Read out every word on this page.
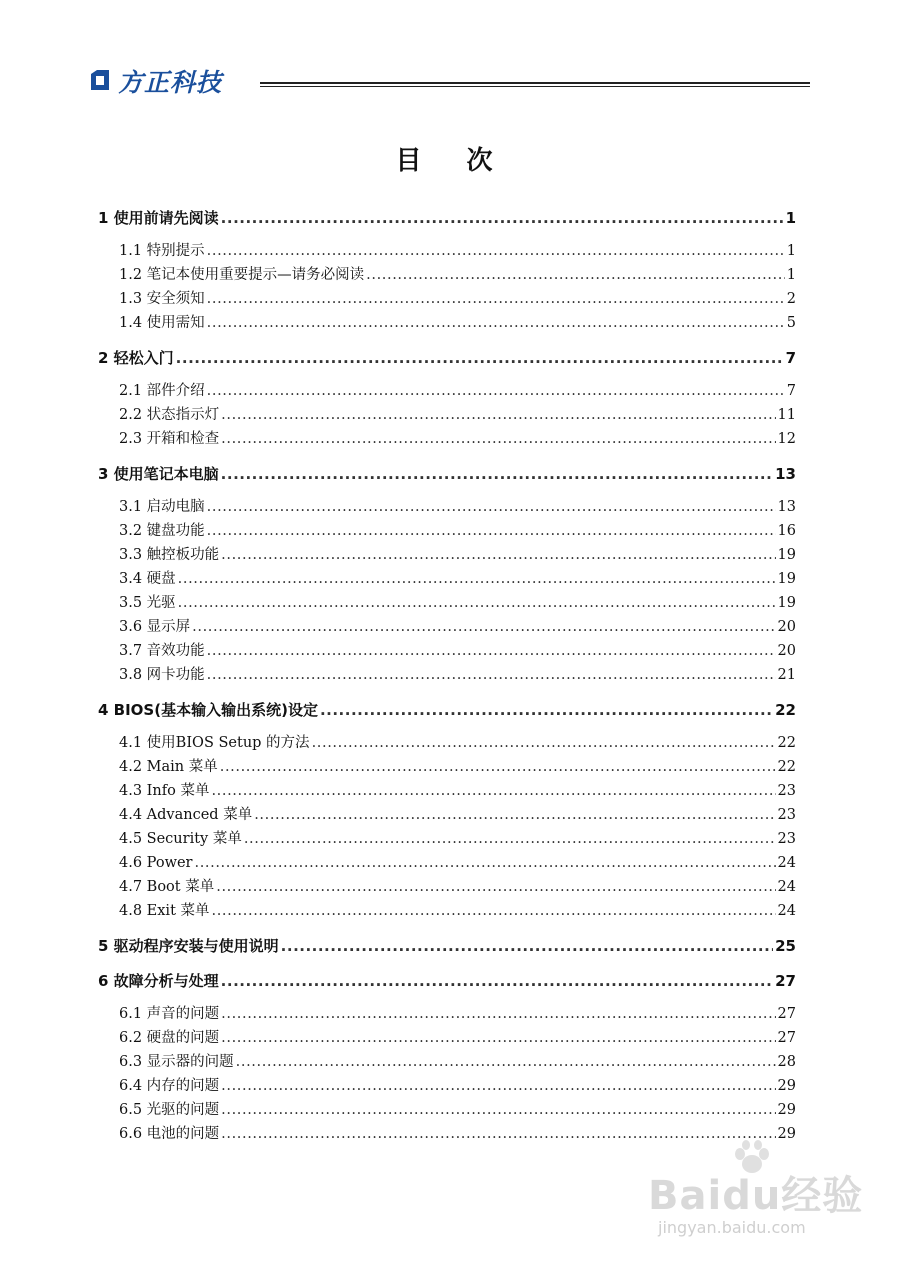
方正科技
目 次
1 使用前请先阅读 .....	1
1.1 特别提示 .....	1
1.2 笔记本使用重要提示—请务必阅读 .....	1
1.3 安全须知 .....	2
1.4 使用需知 .....	5
2 轻松入门 .....	7
2.1 部件介绍 .....	7
2.2 状态指示灯 .....	11
2.3 开箱和检查 .....	12
3 使用笔记本电脑 .....	13
3.1 启动电脑 .....	13
3.2 键盘功能 .....	16
3.3 触控板功能 .....	19
3.4 硬盘 .....	19
3.5 光驱 .....	19
3.6 显示屏 .....	20
3.7 音效功能 .....	20
3.8 网卡功能 .....	21
4 BIOS(基本输入输出系统)设定 .....	22
4.1 使用BIOS Setup 的方法 .....	22
4.2 Main 菜单 .....	22
4.3 Info 菜单 .....	23
4.4 Advanced 菜单 .....	23
4.5 Security 菜单 .....	23
4.6 Power .....	24
4.7 Boot 菜单 .....	24
4.8 Exit 菜单 .....	24
5 驱动程序安装与使用说明 .....	25
6 故障分析与处理 .....	27
6.1 声音的问题 .....	27
6.2 硬盘的问题 .....	27
6.3 显示器的问题 .....	28
6.4 内存的问题 .....	29
6.5 光驱的问题 .....	29
6.6 电池的问题 .....	29
Baidu经验
jingyan.baidu.com
